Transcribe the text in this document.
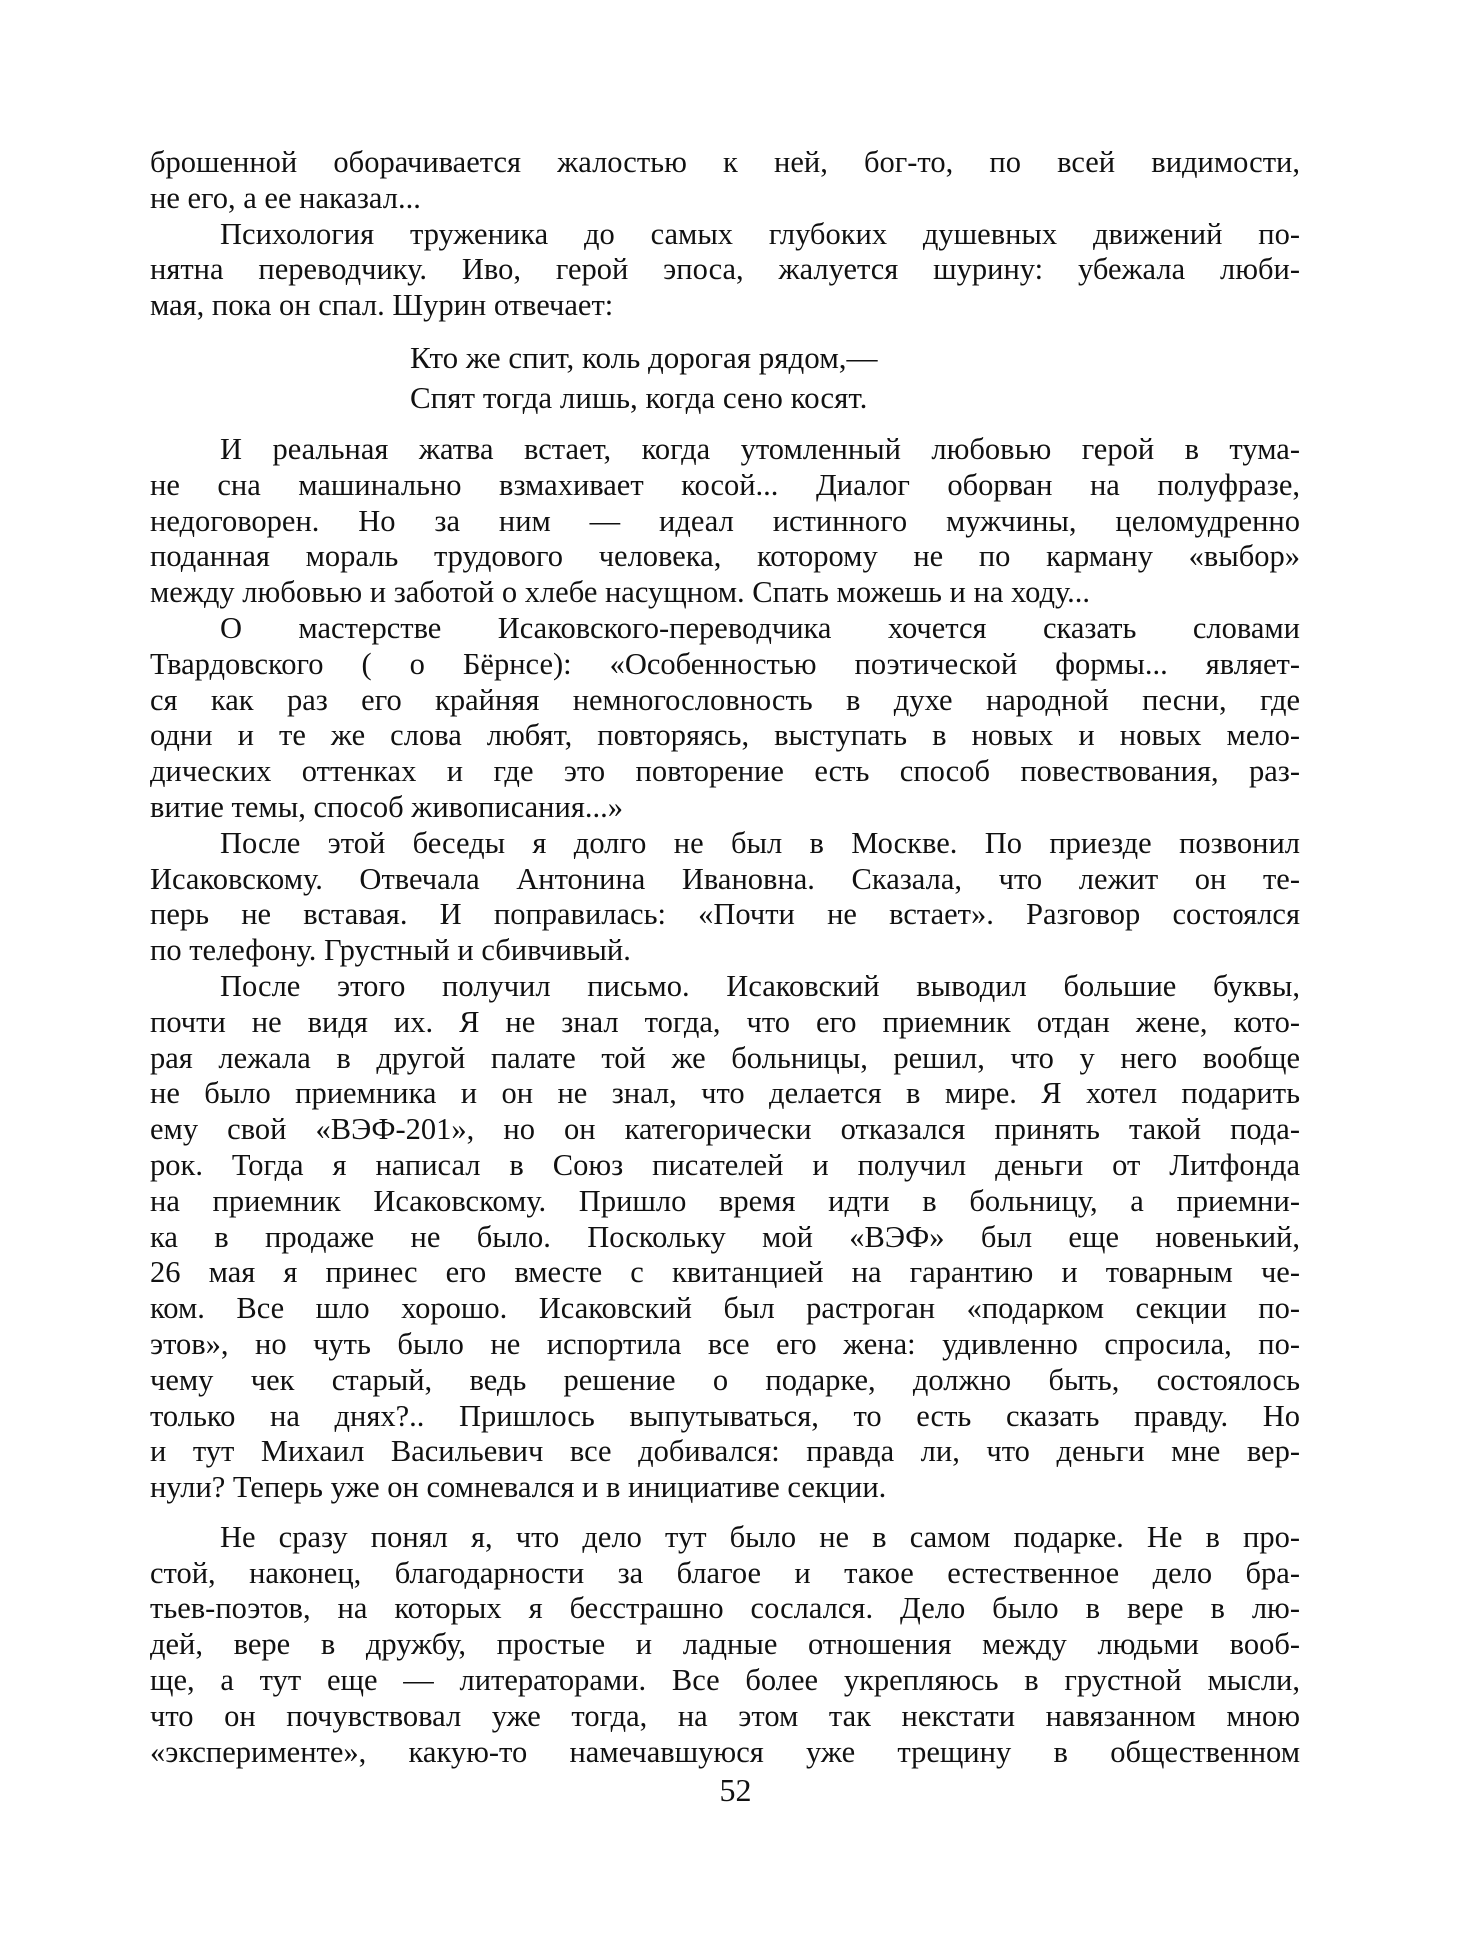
брошенной оборачивается жалостью к ней, бог-то, по всей видимости,
не его, а ее наказал...
Психология труженика до самых глубоких душевных движений по-
нятна переводчику. Иво, герой эпоса, жалуется шурину: убежала люби-
мая, пока он спал. Шурин отвечает:
Кто же спит, коль дорогая рядом,—
Спят тогда лишь, когда сено косят.
И реальная жатва встает, когда утомленный любовью герой в тума-
не сна машинально взмахивает косой... Диалог оборван на полуфразе,
недоговорен. Но за ним — идеал истинного мужчины, целомудренно
поданная мораль трудового человека, которому не по карману «выбор»
между любовью и заботой о хлебе насущном. Спать можешь и на ходу...
О мастерстве Исаковского-переводчика хочется сказать словами
Твардовского ( о Бёрнсе): «Особенностью поэтической формы... являет-
ся как раз его крайняя немногословность в духе народной песни, где
одни и те же слова любят, повторяясь, выступать в новых и новых мело-
дических оттенках и где это повторение есть способ повествования, раз-
витие темы, способ живописания...»
После этой беседы я долго не был в Москве. По приезде позвонил
Исаковскому. Отвечала Антонина Ивановна. Сказала, что лежит он те-
перь не вставая. И поправилась: «Почти не встает». Разговор состоялся
по телефону. Грустный и сбивчивый.
После этого получил письмо. Исаковский выводил большие буквы,
почти не видя их. Я не знал тогда, что его приемник отдан жене, кото-
рая лежала в другой палате той же больницы, решил, что у него вообще
не было приемника и он не знал, что делается в мире. Я хотел подарить
ему свой «ВЭФ-201», но он категорически отказался принять такой пода-
рок. Тогда я написал в Союз писателей и получил деньги от Литфонда
на приемник Исаковскому. Пришло время идти в больницу, а приемни-
ка в продаже не было. Поскольку мой «ВЭФ» был еще новенький,
26 мая я принес его вместе с квитанцией на гарантию и товарным че-
ком. Все шло хорошо. Исаковский был растроган «подарком секции по-
этов», но чуть было не испортила все его жена: удивленно спросила, по-
чему чек старый, ведь решение о подарке, должно быть, состоялось
только на днях?.. Пришлось выпутываться, то есть сказать правду. Но
и тут Михаил Васильевич все добивался: правда ли, что деньги мне вер-
нули? Теперь уже он сомневался и в инициативе секции.
Не сразу понял я, что дело тут было не в самом подарке. Не в про-
стой, наконец, благодарности за благое и такое естественное дело бра-
тьев-поэтов, на которых я бесстрашно сослался. Дело было в вере в лю-
дей, вере в дружбу, простые и ладные отношения между людьми вооб-
ще, а тут еще — литераторами. Все более укрепляюсь в грустной мысли,
что он почувствовал уже тогда, на этом так некстати навязанном мною
«эксперименте», какую-то намечавшуюся уже трещину в общественном
52
